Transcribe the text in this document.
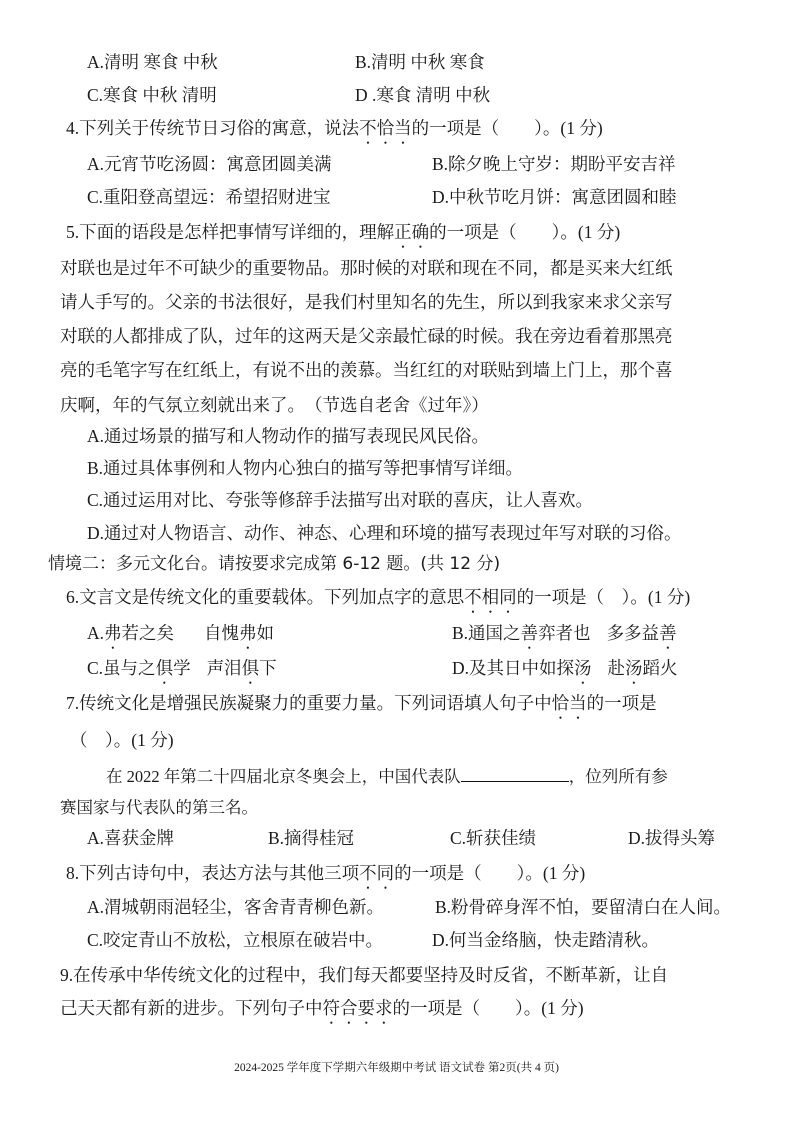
A.清明 寒食 中秋	B.清明 中秋 寒食
C.寒食 中秋 清明	D .寒食 清明 中秋
4.下列关于传统节日习俗的寓意，说法不恰当的一项是（　　）。(1 分)
A.元宵节吃汤圆：寓意团圆美满	B.除夕晚上守岁：期盼平安吉祥
C.重阳登高望远：希望招财进宝	D.中秋节吃月饼：寓意团圆和睦
5.下面的语段是怎样把事情写详细的，理解正确的一项是（　　）。(1 分)
对联也是过年不可缺少的重要物品。那时候的对联和现在不同，都是买来大红纸
请人手写的。父亲的书法很好，是我们村里知名的先生，所以到我家来求父亲写
对联的人都排成了队，过年的这两天是父亲最忙碌的时候。我在旁边看着那黑亮
亮的毛笔字写在红纸上，有说不出的羡慕。当红红的对联贴到墙上门上，那个喜
庆啊，年的气氛立刻就出来了。　（节选自老舍《过年》）
A.通过场景的描写和人物动作的描写表现民风民俗。
B.通过具体事例和人物内心独白的描写等把事情写详细。
C.通过运用对比、夸张等修辞手法描写出对联的喜庆，让人喜欢。
D.通过对人物语言、动作、神态、心理和环境的描写表现过年写对联的习俗。
情境二：多元文化台。请按要求完成第 6-12 题。(共 12 分)
6.文言文是传统文化的重要载体。下列加点字的意思不相同的一项是（　）。(1 分)
A.弗若之矣 自愧弗如	B.通国之善弈者也 多多益善
C.虽与之俱学 声泪俱下	D.及其日中如探汤 赴汤蹈火
7.传统文化是增强民族凝聚力的重要力量。下列词语填人句子中恰当的一项是
（　）。(1 分)
在 2022 年第二十四届北京冬奥会上，中国代表队	，位列所有参
赛国家与代表队的第三名。
A.喜获金牌	B.摘得桂冠	C.斩获佳绩	D.拔得头筹
8.下列古诗句中，表达方法与其他三项不同的一项是（　　）。(1 分)
A.渭城朝雨浥轻尘，客舍青青柳色新。	B.粉骨碎身浑不怕，要留清白在人间。
C.咬定青山不放松，立根原在破岩中。	D.何当金络脑，快走踏清秋。
9.在传承中华传统文化的过程中，我们每天都要坚持及时反省，不断革新，让自
己天天都有新的进步。下列句子中符合要求的一项是（　　）。(1 分)
2024-2025 学年度下学期六年级期中考试 语文试卷 第2页(共 4 页)
